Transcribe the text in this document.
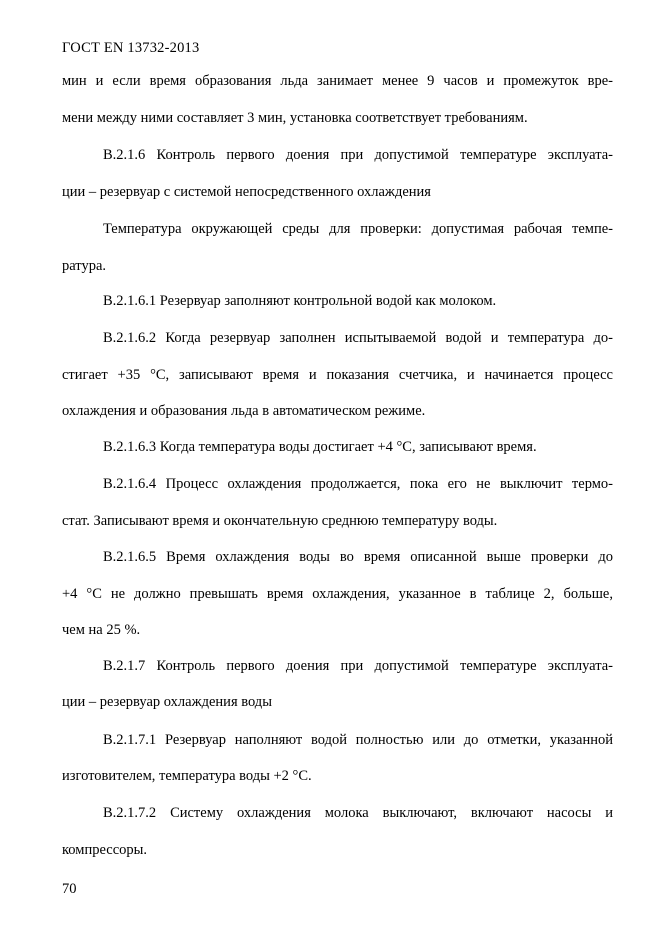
ГОСТ EN 13732-2013
мин и если время образования льда занимает менее 9 часов и промежуток вре-
мени между ними составляет 3 мин, установка соответствует требованиям.
В.2.1.6 Контроль первого доения при допустимой температуре эксплуата-
ции – резервуар с системой непосредственного охлаждения
Температура окружающей среды для проверки: допустимая рабочая темпе-
ратура.
В.2.1.6.1 Резервуар заполняют контрольной водой как молоком.
В.2.1.6.2 Когда резервуар заполнен испытываемой водой и температура до-
стигает +35 °С, записывают время и показания счетчика, и начинается процесс
охлаждения и образования льда в автоматическом режиме.
В.2.1.6.3 Когда температура воды достигает +4 °С, записывают время.
В.2.1.6.4 Процесс охлаждения продолжается, пока его не выключит термо-
стат. Записывают время и окончательную среднюю температуру воды.
В.2.1.6.5 Время охлаждения воды во время описанной выше проверки до
+4 °С не должно превышать время охлаждения, указанное в таблице 2, больше,
чем на 25 %.
В.2.1.7 Контроль первого доения при допустимой температуре эксплуата-
ции – резервуар охлаждения воды
В.2.1.7.1 Резервуар наполняют водой полностью или до отметки, указанной
изготовителем, температура воды +2 °С.
В.2.1.7.2 Систему охлаждения молока выключают, включают насосы и
компрессоры.
70
